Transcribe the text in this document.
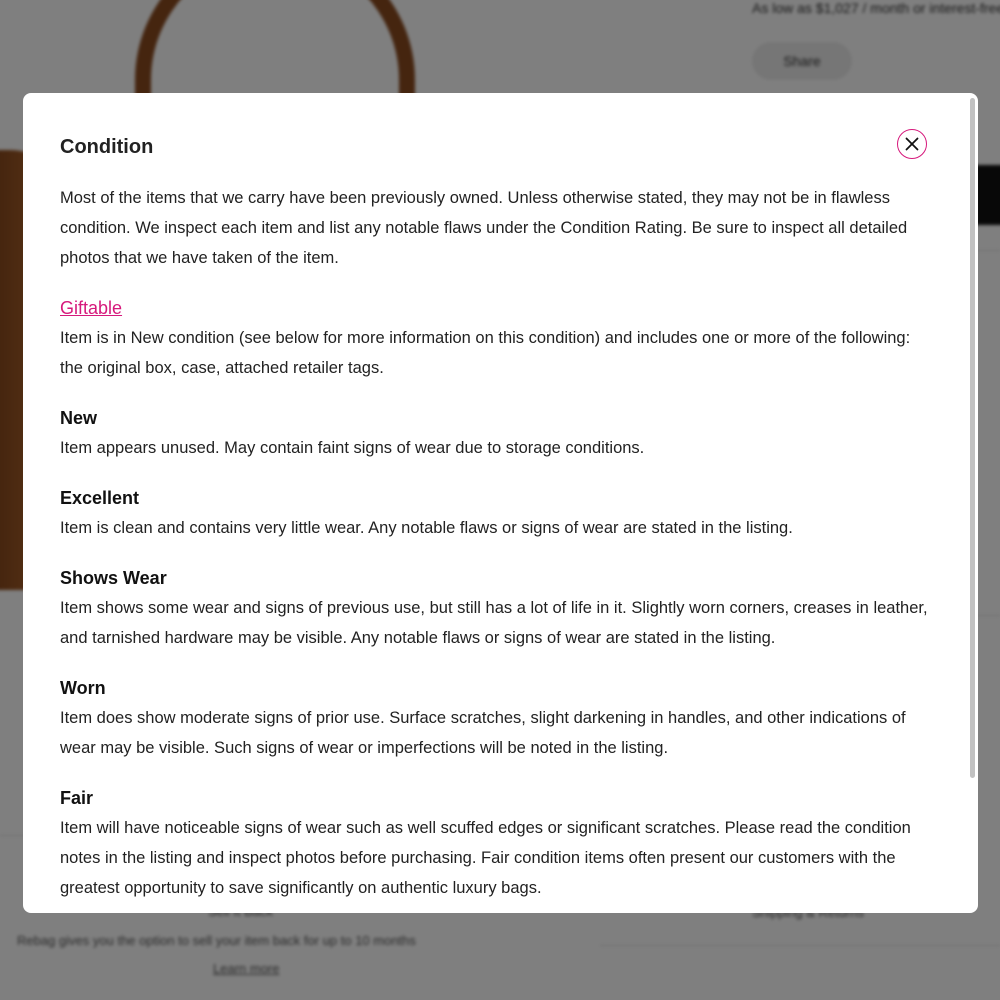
Condition

Most of the items that we carry have been previously owned. Unless otherwise stated, they may not be in flawless condition. We inspect each item and list any notable flaws under the Condition Rating. Be sure to inspect all detailed photos that we have taken of the item.

Giftable

Item is in New condition (see below for more information on this condition) and includes one or more of the following: the original box, case, attached retailer tags.

New

Item appears unused. May contain faint signs of wear due to storage conditions.

Excellent

Item is clean and contains very little wear. Any notable flaws or signs of wear are stated in the listing.

Shows Wear

Item shows some wear and signs of previous use, but still has a lot of life in it. Slightly worn corners, creases in leather, and tarnished hardware may be visible. Any notable flaws or signs of wear are stated in the listing.

Worn

Item does show moderate signs of prior use. Surface scratches, slight darkening in handles, and other indications of wear may be visible. Such signs of wear or imperfections will be noted in the listing.

Fair

Item will have noticeable signs of wear such as well scuffed edges or significant scratches. Please read the condition notes in the listing and inspect photos before purchasing. Fair condition items often present our customers with the greatest opportunity to save significantly on authentic luxury bags.
